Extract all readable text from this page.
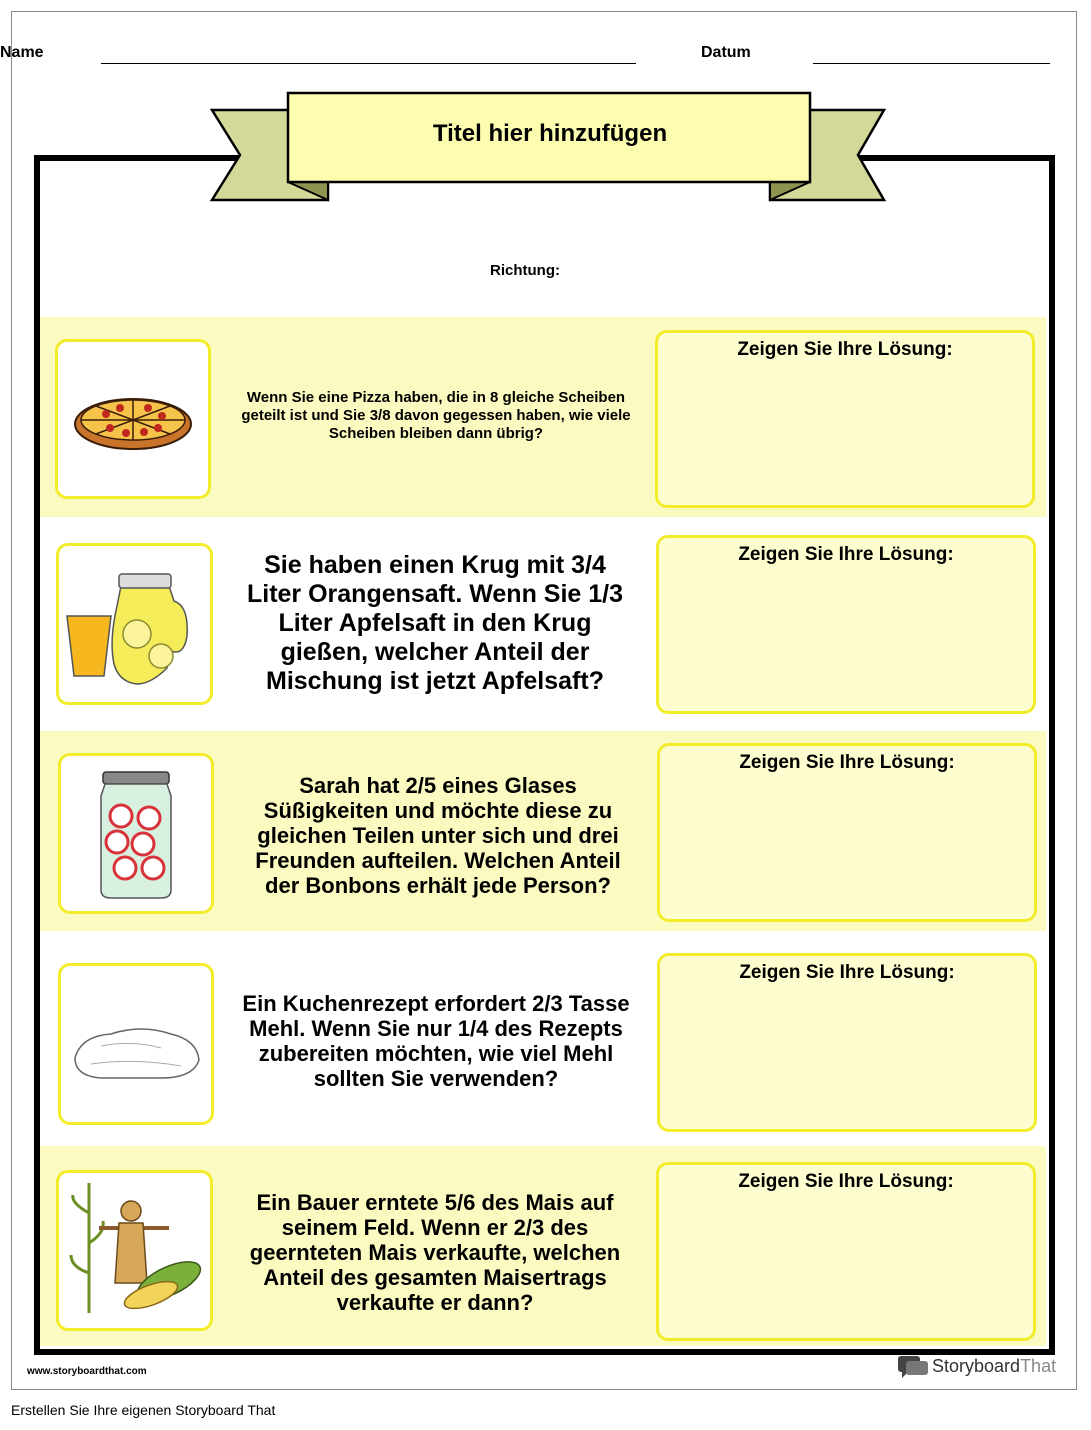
Name	Datum
Titel hier hinzufügen
Richtung:
Wenn Sie eine Pizza haben, die in 8 gleiche Scheiben geteilt ist und Sie 3/8 davon gegessen haben, wie viele Scheiben bleiben dann übrig?
Zeigen Sie Ihre Lösung:
Sie haben einen Krug mit 3/4 Liter Orangensaft. Wenn Sie 1/3 Liter Apfelsaft in den Krug gießen, welcher Anteil der Mischung ist jetzt Apfelsaft?
Zeigen Sie Ihre Lösung:
Sarah hat 2/5 eines Glases Süßigkeiten und möchte diese zu gleichen Teilen unter sich und drei Freunden aufteilen. Welchen Anteil der Bonbons erhält jede Person?
Zeigen Sie Ihre Lösung:
Ein Kuchenrezept erfordert 2/3 Tasse Mehl. Wenn Sie nur 1/4 des Rezepts zubereiten möchten, wie viel Mehl sollten Sie verwenden?
Zeigen Sie Ihre Lösung:
Ein Bauer erntete 5/6 des Mais auf seinem Feld. Wenn er 2/3 des geernteten Mais verkaufte, welchen Anteil des gesamten Maisertrags verkaufte er dann?
Zeigen Sie Ihre Lösung:
www.storyboardthat.com	StoryboardThat
Erstellen Sie Ihre eigenen Storyboard That
